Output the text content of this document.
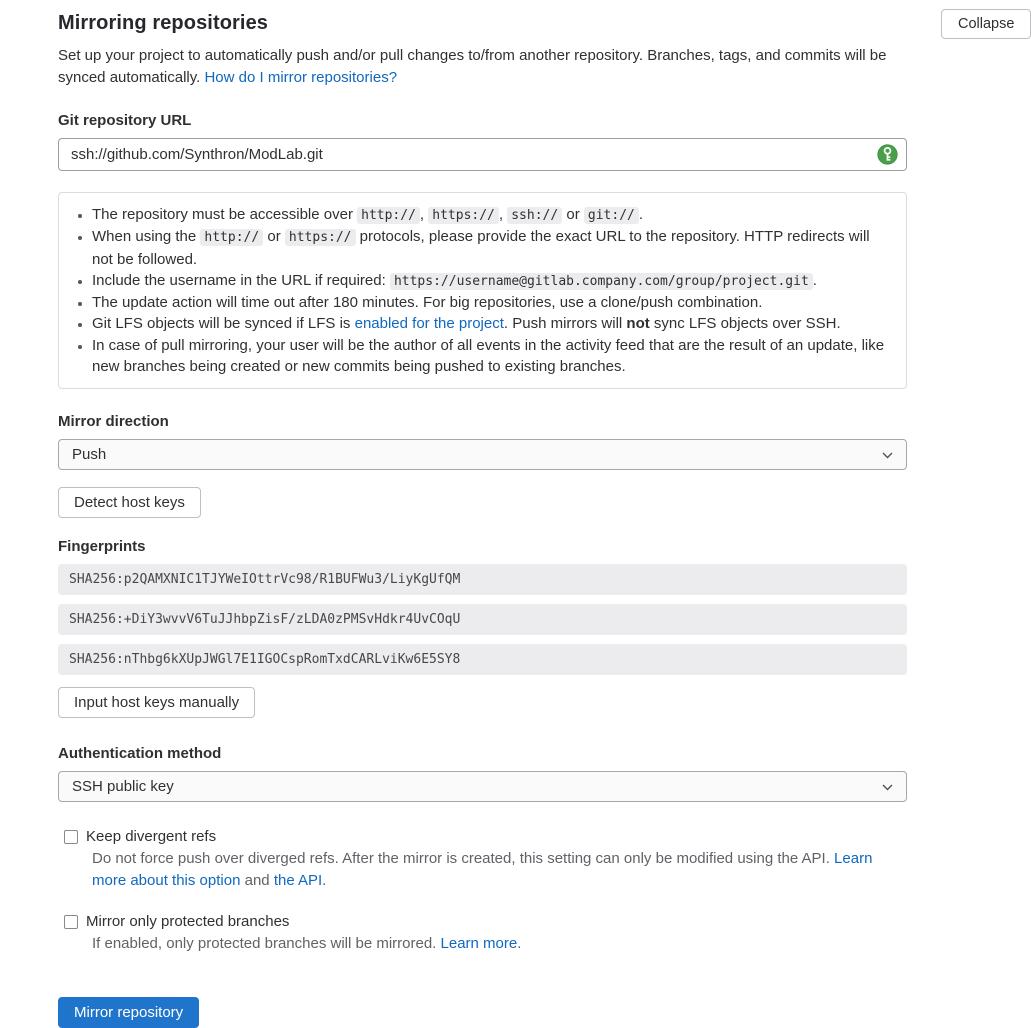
Collapse
Mirroring repositories

Set up your project to automatically push and/or pull changes to/from another repository. Branches, tags, and commits will be synced automatically. How do I mirror repositories?

Git repository URL
ssh://github.com/Synthron/ModLab.git
• The repository must be accessible over http:// , https:// , ssh:// or git:// .
• When using the http:// or https:// protocols, please provide the exact URL to the repository. HTTP redirects will not be followed.
• Include the username in the URL if required: https://username@gitlab.company.com/group/project.git .
• The update action will time out after 180 minutes. For big repositories, use a clone/push combination.
• Git LFS objects will be synced if LFS is enabled for the project. Push mirrors will not sync LFS objects over SSH.
• In case of pull mirroring, your user will be the author of all events in the activity feed that are the result of an update, like new branches being created or new commits being pushed to existing branches.
Mirror direction
Push
Detect host keys
Fingerprints
SHA256:p2QAMXNIC1TJYWeIOttrVc98/R1BUFWu3/LiyKgUfQM
SHA256:+DiY3wvvV6TuJJhbpZisF/zLDA0zPMSvHdkr4UvCOqU
SHA256:nThbg6kXUpJWGl7E1IGOCspRomTxdCARLviKw6E5SY8
Input host keys manually
Authentication method
SSH public key
Keep divergent refs
Do not force push over diverged refs. After the mirror is created, this setting can only be modified using the API. Learn more about this option and the API.
Mirror only protected branches
If enabled, only protected branches will be mirrored. Learn more.
Mirror repository
